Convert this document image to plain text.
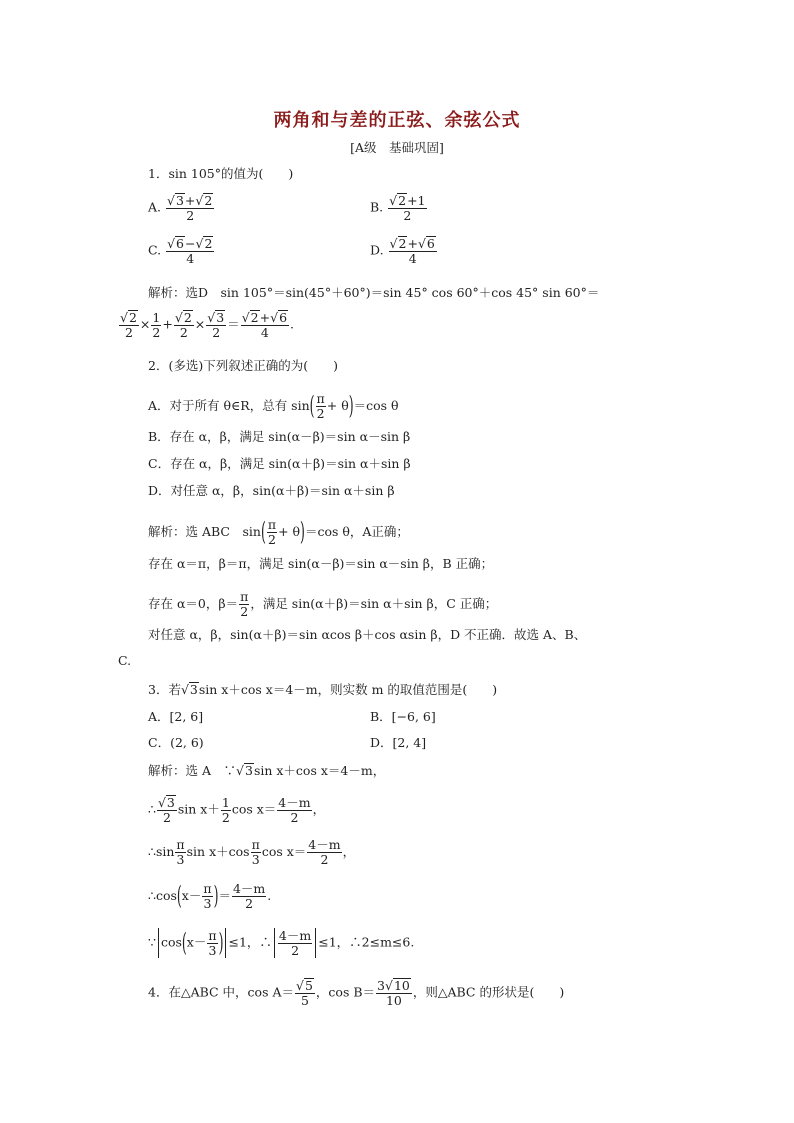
两角和与差的正弦、余弦公式
[A级　基础巩固]
1．sin 105°的值为(　　)
A. $\frac{√3+√2}{2}$	B. $\frac{√2+1}{2}$
C. $\frac{√6-√2}{4}$	D. $\frac{√2+√6}{4}$
解析：选D　sin 105°＝sin(45°＋60°)＝sin 45° cos 60°＋cos 45° sin 60°＝
$\frac{√2}{2} \times \frac{1}{2} + \frac{√2}{2} \times \frac{√3}{2} = \frac{√2+√6}{4}$ .
2．(多选)下列叙述正确的为(　　)
A．对于所有 θ∈R，总有 $\sin( \frac{\pi}{2} + \theta)=\cos$ θ
B．存在 α，β，满足 sin(α－β)＝sin α－sin β
C．存在 α，β，满足 sin(α＋β)＝sin α＋sin β
D．对任意 α，β，sin(α＋β)＝sin α＋sin β
解析：选 ABC　$\sin( \frac{\pi}{2} + \theta)=\cos$ θ，A正确；
存在 α＝π，β＝π，满足 sin(α－β)＝sin α－sin β，B 正确；
存在 α＝0，$\beta= \frac{\pi}{2}$ ，满足 sin(α＋β)＝sin α＋sin β，C 正确；
对任意 α，β，sin(α＋β)＝sin αcos β＋cos αsin β，D 不正确．故选 A、B、
C.
3．若√3sin x＋cos x＝4－m，则实数 m 的取值范围是(　　)
A．[2, 6]	B．[−6, 6]
C．(2, 6)	D．[2, 4]
解析：选 A　∵√3sin x＋cos x＝4－m，
∴ $\frac{√3}{2}$ $\sin x+ \frac{1}{2}$ $\cos x= \frac{4-m}{2}$ ，
∴sin $\frac{\pi}{3}$ $\sin x+\cos \frac{\pi}{3}$ $\cos x= \frac{4-m}{2}$ ，
∴cos(x－ $\frac{\pi}{3}$ )＝ $\frac{4-m}{2}$ .
∵ $\cos(x- \frac{\pi}{3}$ ) ≤1，∴ $\frac{4-m}{2} \le 1$，∴2≤m≤6.
4．在△ABC 中，$\cos A= \frac{√5}{5}$ ，$\cos B= \frac{3√10}{10}$ ，则△ABC 的形状是(　　)
